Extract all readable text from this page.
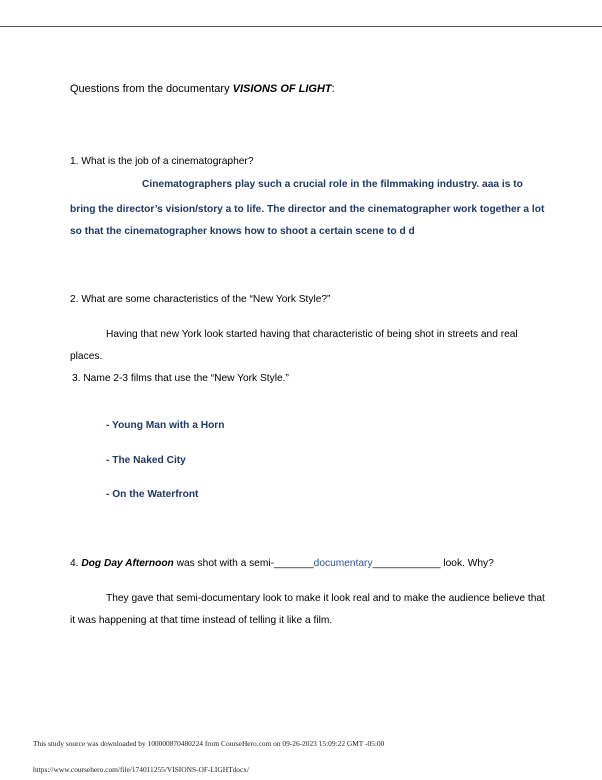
Questions from the documentary VISIONS OF LIGHT:
1. What is the job of a cinematographer?
Cinematographers play such a crucial role in the filmmaking industry. aaa is to
bring the director’s vision/story a to life. The director and the cinematographer work together a lot
so that the cinematographer knows how to shoot a certain scene to d d
2. What are some characteristics of the “New York Style?”
Having that new York look started having that characteristic of being shot in streets and real
places.
3. Name 2-3 films that use the “New York Style.”
- Young Man with a Horn
- The Naked City
- On the Waterfront
4. Dog Day Afternoon was shot with a semi-_______documentary____________ look. Why?
They gave that semi-documentary look to make it look real and to make the audience believe that
it was happening at that time instead of telling it like a film.
This study source was downloaded by 100000870480224 from CourseHero.com on 09-26-2023 15:09:22 GMT -05:00
https://www.coursehero.com/file/174011255/VISIONS-OF-LIGHTdocx/
